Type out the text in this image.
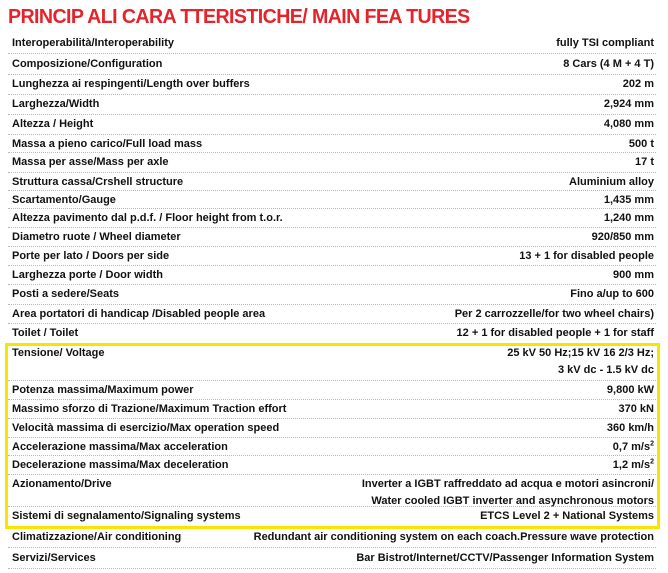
PRINCIP ALI CARA TTERISTICHE/ MAIN FEA TURES
Interoperabilità/Interoperability	fully TSI compliant
Composizione/Configuration	8 Cars (4 M + 4 T)
Lunghezza ai respingenti/Length over buffers	202 m
Larghezza/Width	2,924 mm
Altezza / Height	4,080 mm
Massa a pieno carico/Full load mass	500 t
Massa per asse/Mass per axle	17 t
Struttura cassa/Crshell structure	Aluminium alloy
Scartamento/Gauge	1,435 mm
Altezza pavimento dal p.d.f. / Floor height from t.o.r.	1,240 mm
Diametro ruote / Wheel diameter	920/850 mm
Porte per lato / Doors per side	13 + 1 for disabled people
Larghezza porte / Door width	900 mm
Posti a sedere/Seats	Fino a/up to 600
Area portatori di handicap /Disabled people area	Per 2 carrozzelle/for two wheel chairs)
Toilet / Toilet	12 + 1 for disabled people + 1 for staff
Tensione/ Voltage	25 kV 50 Hz;15 kV 16 2/3 Hz;
3 kV dc - 1.5 kV dc
Potenza massima/Maximum power	9,800 kW
Massimo sforzo di Trazione/Maximum Traction effort	370 kN
Velocità massima di esercizio/Max operation speed	360 km/h
Accelerazione massima/Max acceleration	0,7 $m/s^2$
Decelerazione massima/Max deceleration	1,2 $m/s^2$
Azionamento/Drive	Inverter a IGBT raffreddato ad acqua e motori asincroni/
Water cooled IGBT inverter and asynchronous motors
Sistemi di segnalamento/Signaling systems	ETCS Level 2 + National Systems
Climatizzazione/Air conditioning	Redundant air conditioning system on each coach.Pressure wave protection
Servizi/Services	Bar Bistrot/Internet/CCTV/Passenger Information System
